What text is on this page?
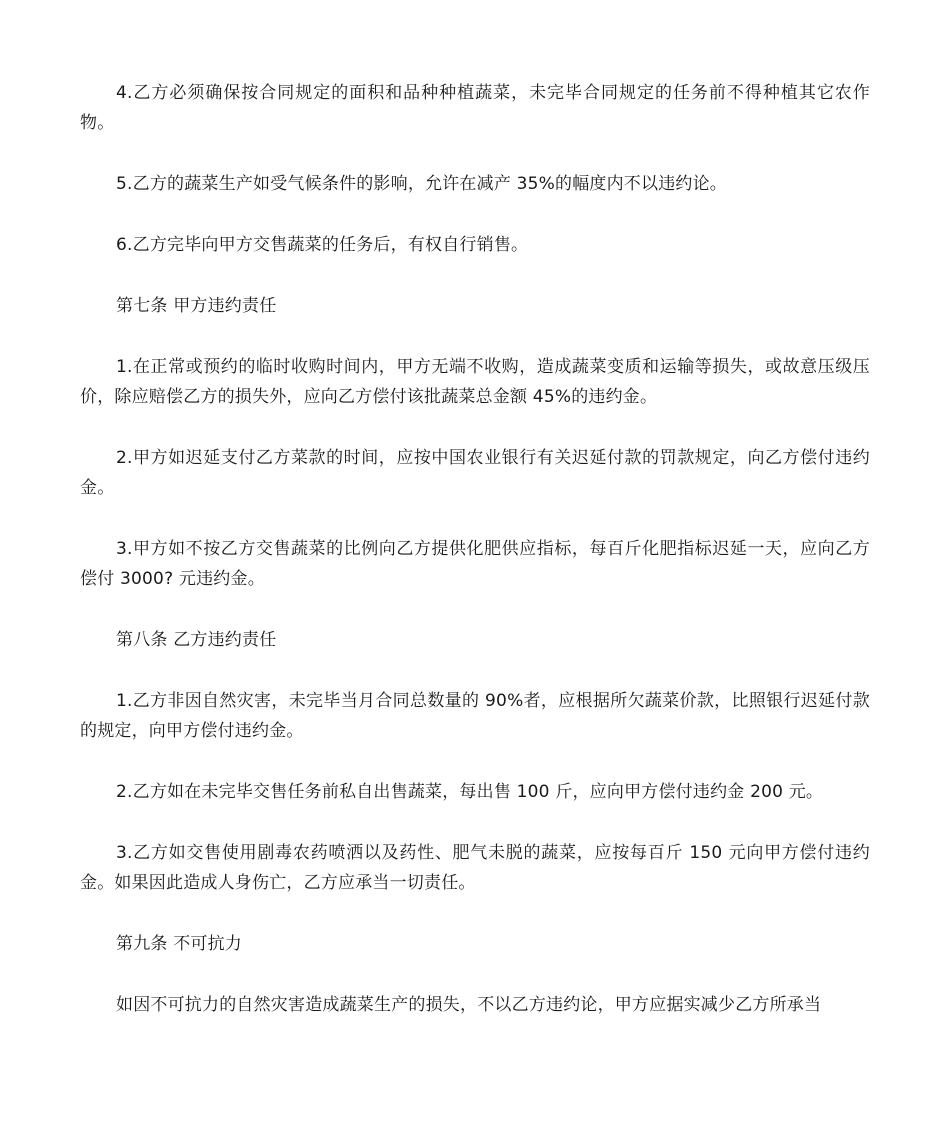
4.乙方必须确保按合同规定的面积和品种种植蔬菜，未完毕合同规定的任务前不得种植其它农作物。

5.乙方的蔬菜生产如受气候条件的影响，允许在减产 35%的幅度内不以违约论。

6.乙方完毕向甲方交售蔬菜的任务后，有权自行销售。

第七条 甲方违约责任

1.在正常或预约的临时收购时间内，甲方无端不收购，造成蔬菜变质和运输等损失，或故意压级压价，除应赔偿乙方的损失外，应向乙方偿付该批蔬菜总金额 45%的违约金。

2.甲方如迟延支付乙方菜款的时间，应按中国农业银行有关迟延付款的罚款规定，向乙方偿付违约金。

3.甲方如不按乙方交售蔬菜的比例向乙方提供化肥供应指标，每百斤化肥指标迟延一天，应向乙方偿付 3000? 元违约金。

第八条 乙方违约责任

1.乙方非因自然灾害，未完毕当月合同总数量的 90%者，应根据所欠蔬菜价款，比照银行迟延付款的规定，向甲方偿付违约金。

2.乙方如在未完毕交售任务前私自出售蔬菜，每出售 100 斤，应向甲方偿付违约金 200 元。

3.乙方如交售使用剧毒农药喷洒以及药性、肥气未脱的蔬菜，应按每百斤 150 元向甲方偿付违约金。如果因此造成人身伤亡，乙方应承当一切责任。

第九条 不可抗力

如因不可抗力的自然灾害造成蔬菜生产的损失，不以乙方违约论，甲方应据实减少乙方所承当
